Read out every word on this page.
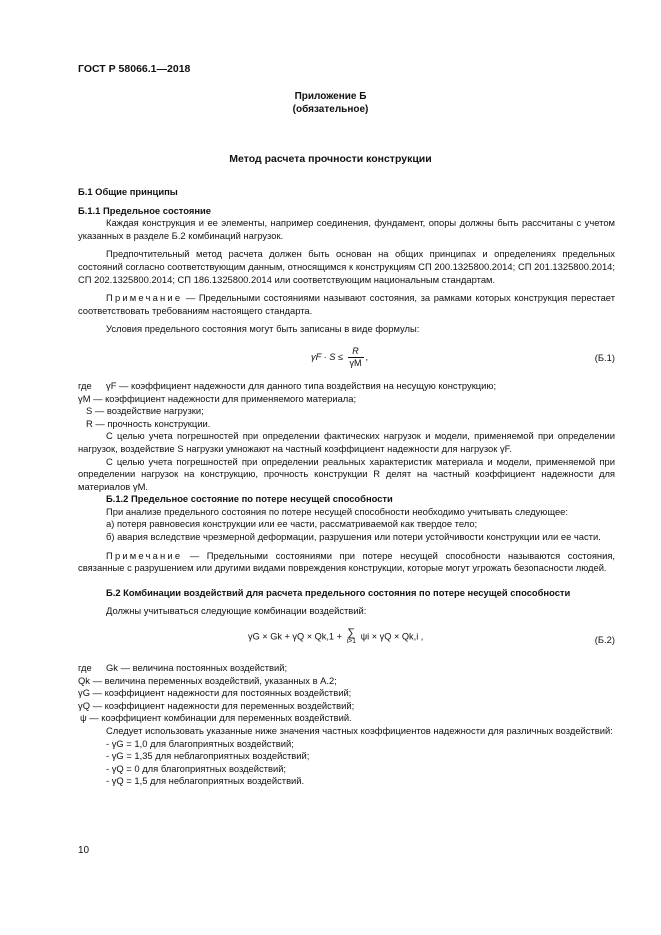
ГОСТ Р 58066.1—2018
Приложение Б
(обязательное)
Метод расчета прочности конструкции

Б.1 Общие принципы

Б.1.1 Предельное состояние

Каждая конструкция и ее элементы, например соединения, фундамент, опоры должны быть рассчитаны с учетом указанных в разделе Б.2 комбинаций нагрузок.

Предпочтительный метод расчета должен быть основан на общих принципах и определениях предельных состояний согласно соответствующим данным, относящимся к конструкциям СП 200.1325800.2014; СП 201.1325800.2014; СП 202.1325800.2014; СП 186.1325800.2014 или соответствующим национальным стандартам.

Примечание — Предельными состояниями называют состояния, за рамками которых конструкция перестает соответствовать требованиям настоящего стандарта.

Условия предельного состояния могут быть записаны в виде формулы:

$\gamma F \cdot S \le \frac{R}{\gamma M}$ ,	(Б.1)
где	γF — коэффициент надежности для данного типа воздействия на несущую конструкцию;

γM — коэффициент надежности для применяемого материала;

S — воздействие нагрузки;

R — прочность конструкции.

С целью учета погрешностей при определении фактических нагрузок и модели, применяемой при определении нагрузок, воздействие S нагрузки умножают на частный коэффициент надежности для нагрузок γF.

С целью учета погрешностей при определении реальных характеристик материала и модели, применяемой при определении нагрузок на конструкцию, прочность конструкции R делят на частный коэффициент надежности для материалов γM.

Б.1.2 Предельное состояние по потере несущей способности

При анализе предельного состояния по потере несущей способности необходимо учитывать следующее:

а) потеря равновесия конструкции или ее части, рассматриваемой как твердое тело;

б) авария вследствие чрезмерной деформации, разрушения или потери устойчивости конструкции или ее части.

Примечание — Предельными состояниями при потере несущей способности называются состояния, связанные с разрушением или другими видами повреждения конструкции, которые могут угрожать безопасности людей.

Б.2 Комбинации воздействий для расчета предельного состояния по потере несущей способности

Должны учитываться следующие комбинации воздействий:

γG × Gk + γQ × Qk,1 + ∑
i>1 ψi × γQ × Qk,i ,	(Б.2)
где	Gk — величина постоянных воздействий;

Qk — величина переменных воздействий, указанных в А.2;

γG — коэффициент надежности для постоянных воздействий;

γQ — коэффициент надежности для переменных воздействий;

ψ — коэффициент комбинации для переменных воздействий.

Следует использовать указанные ниже значения частных коэффициентов надежности для различных воздействий:

- γG = 1,0 для благоприятных воздействий;

- γG = 1,35 для неблагоприятных воздействий;

- γQ = 0 для благоприятных воздействий;

- γQ = 1,5 для неблагоприятных воздействий.

10
